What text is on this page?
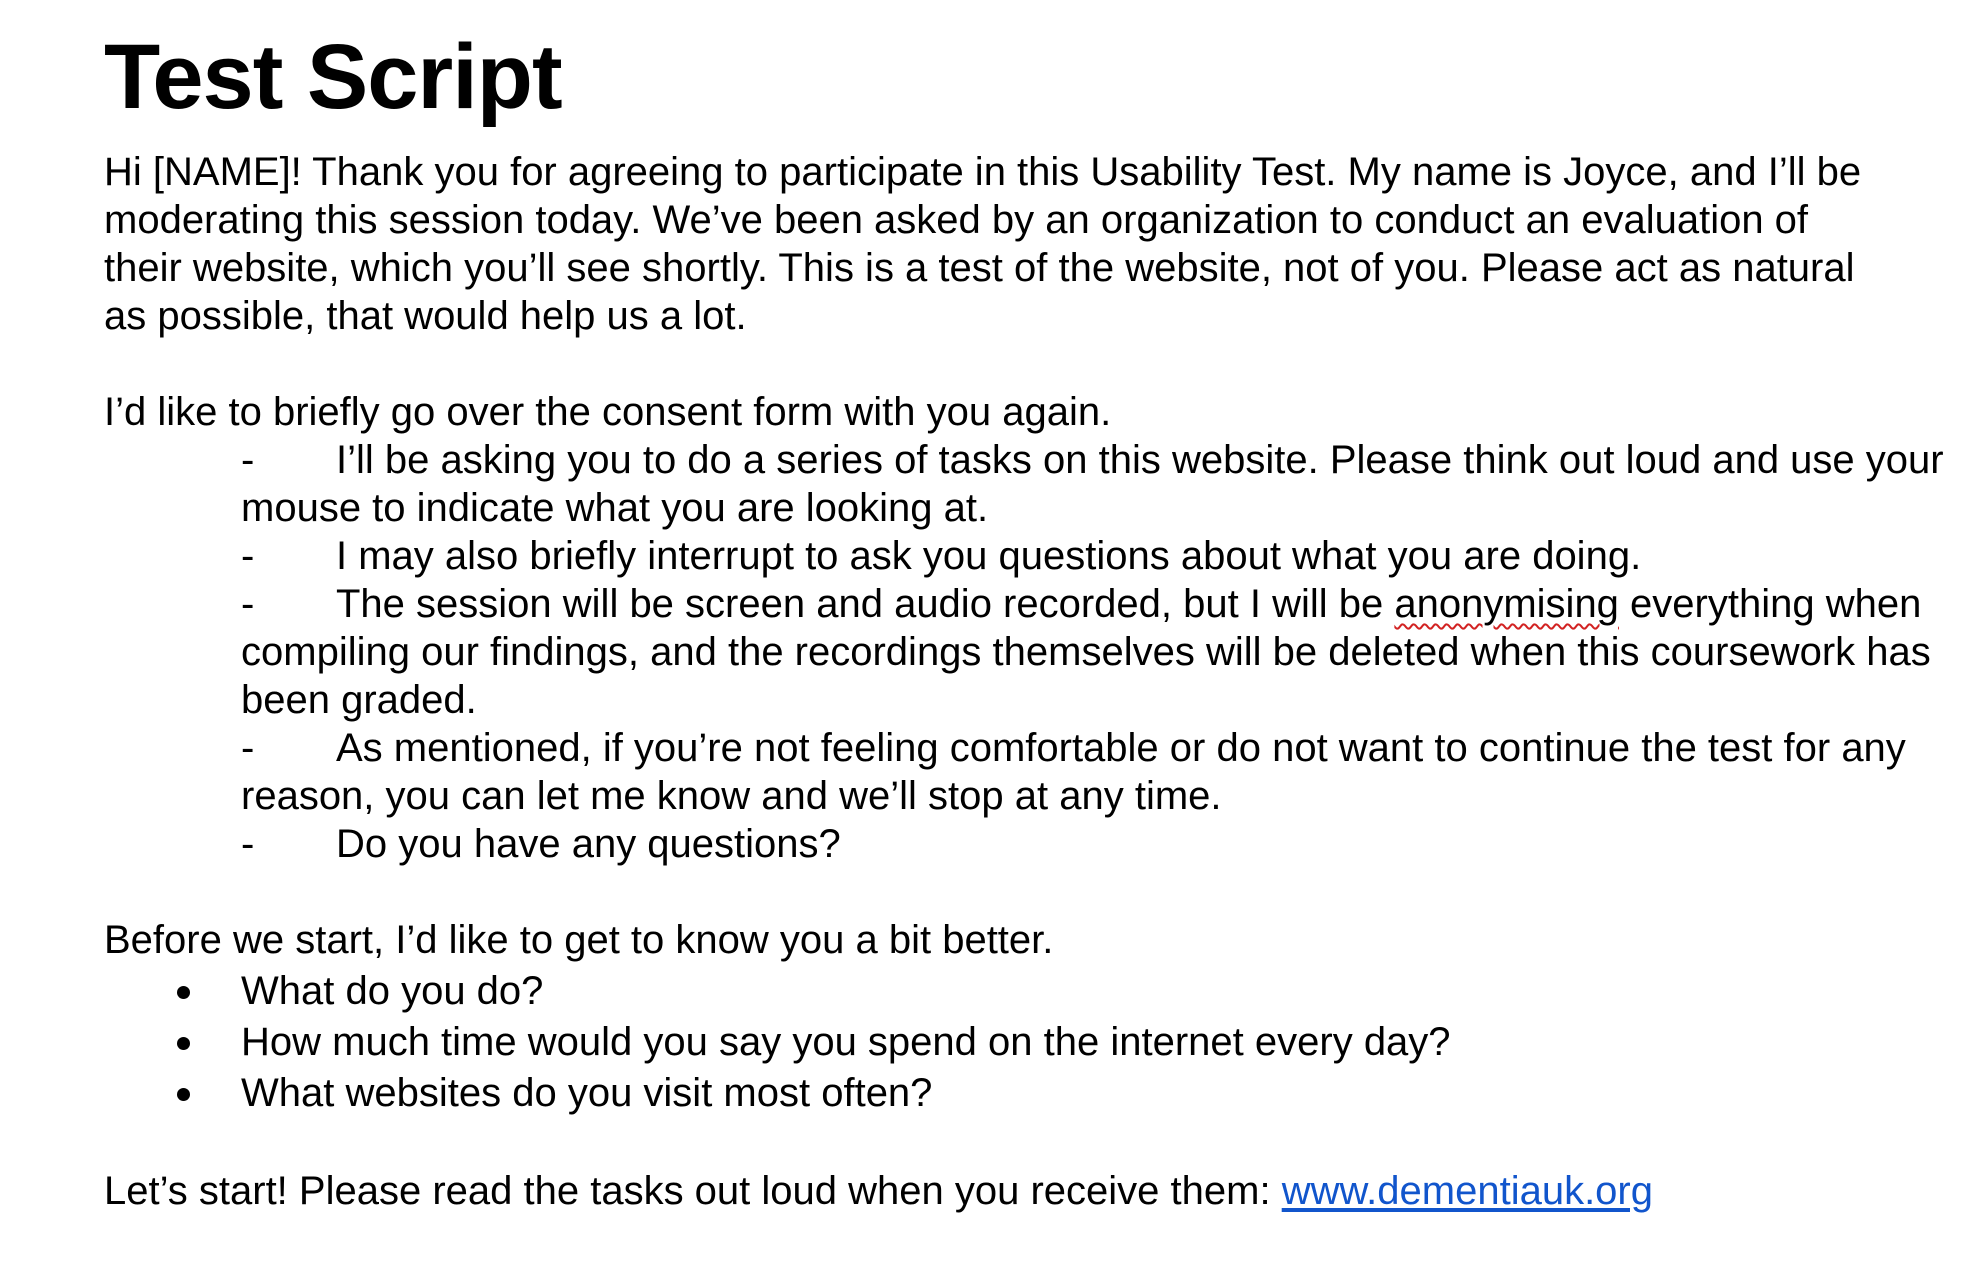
Test Script

Hi [NAME]! Thank you for agreeing to participate in this Usability Test. My name is Joyce, and I’ll be moderating this session today. We’ve been asked by an organization to conduct an evaluation of their website, which you’ll see shortly. This is a test of the website, not of you. Please act as natural as possible, that would help us a lot.

I’d like to briefly go over the consent form with you again.

- I’ll be asking you to do a series of tasks on this website. Please think out loud and use your mouse to indicate what you are looking at.
- I may also briefly interrupt to ask you questions about what you are doing.
- The session will be screen and audio recorded, but I will be anonymising everything when compiling our findings, and the recordings themselves will be deleted when this coursework has been graded.
- As mentioned, if you’re not feeling comfortable or do not want to continue the test for any reason, you can let me know and we’ll stop at any time.
- Do you have any questions?

Before we start, I’d like to get to know you a bit better.

What do you do?
How much time would you say you spend on the internet every day?
What websites do you visit most often?

Let’s start! Please read the tasks out loud when you receive them: www.dementiauk.org
